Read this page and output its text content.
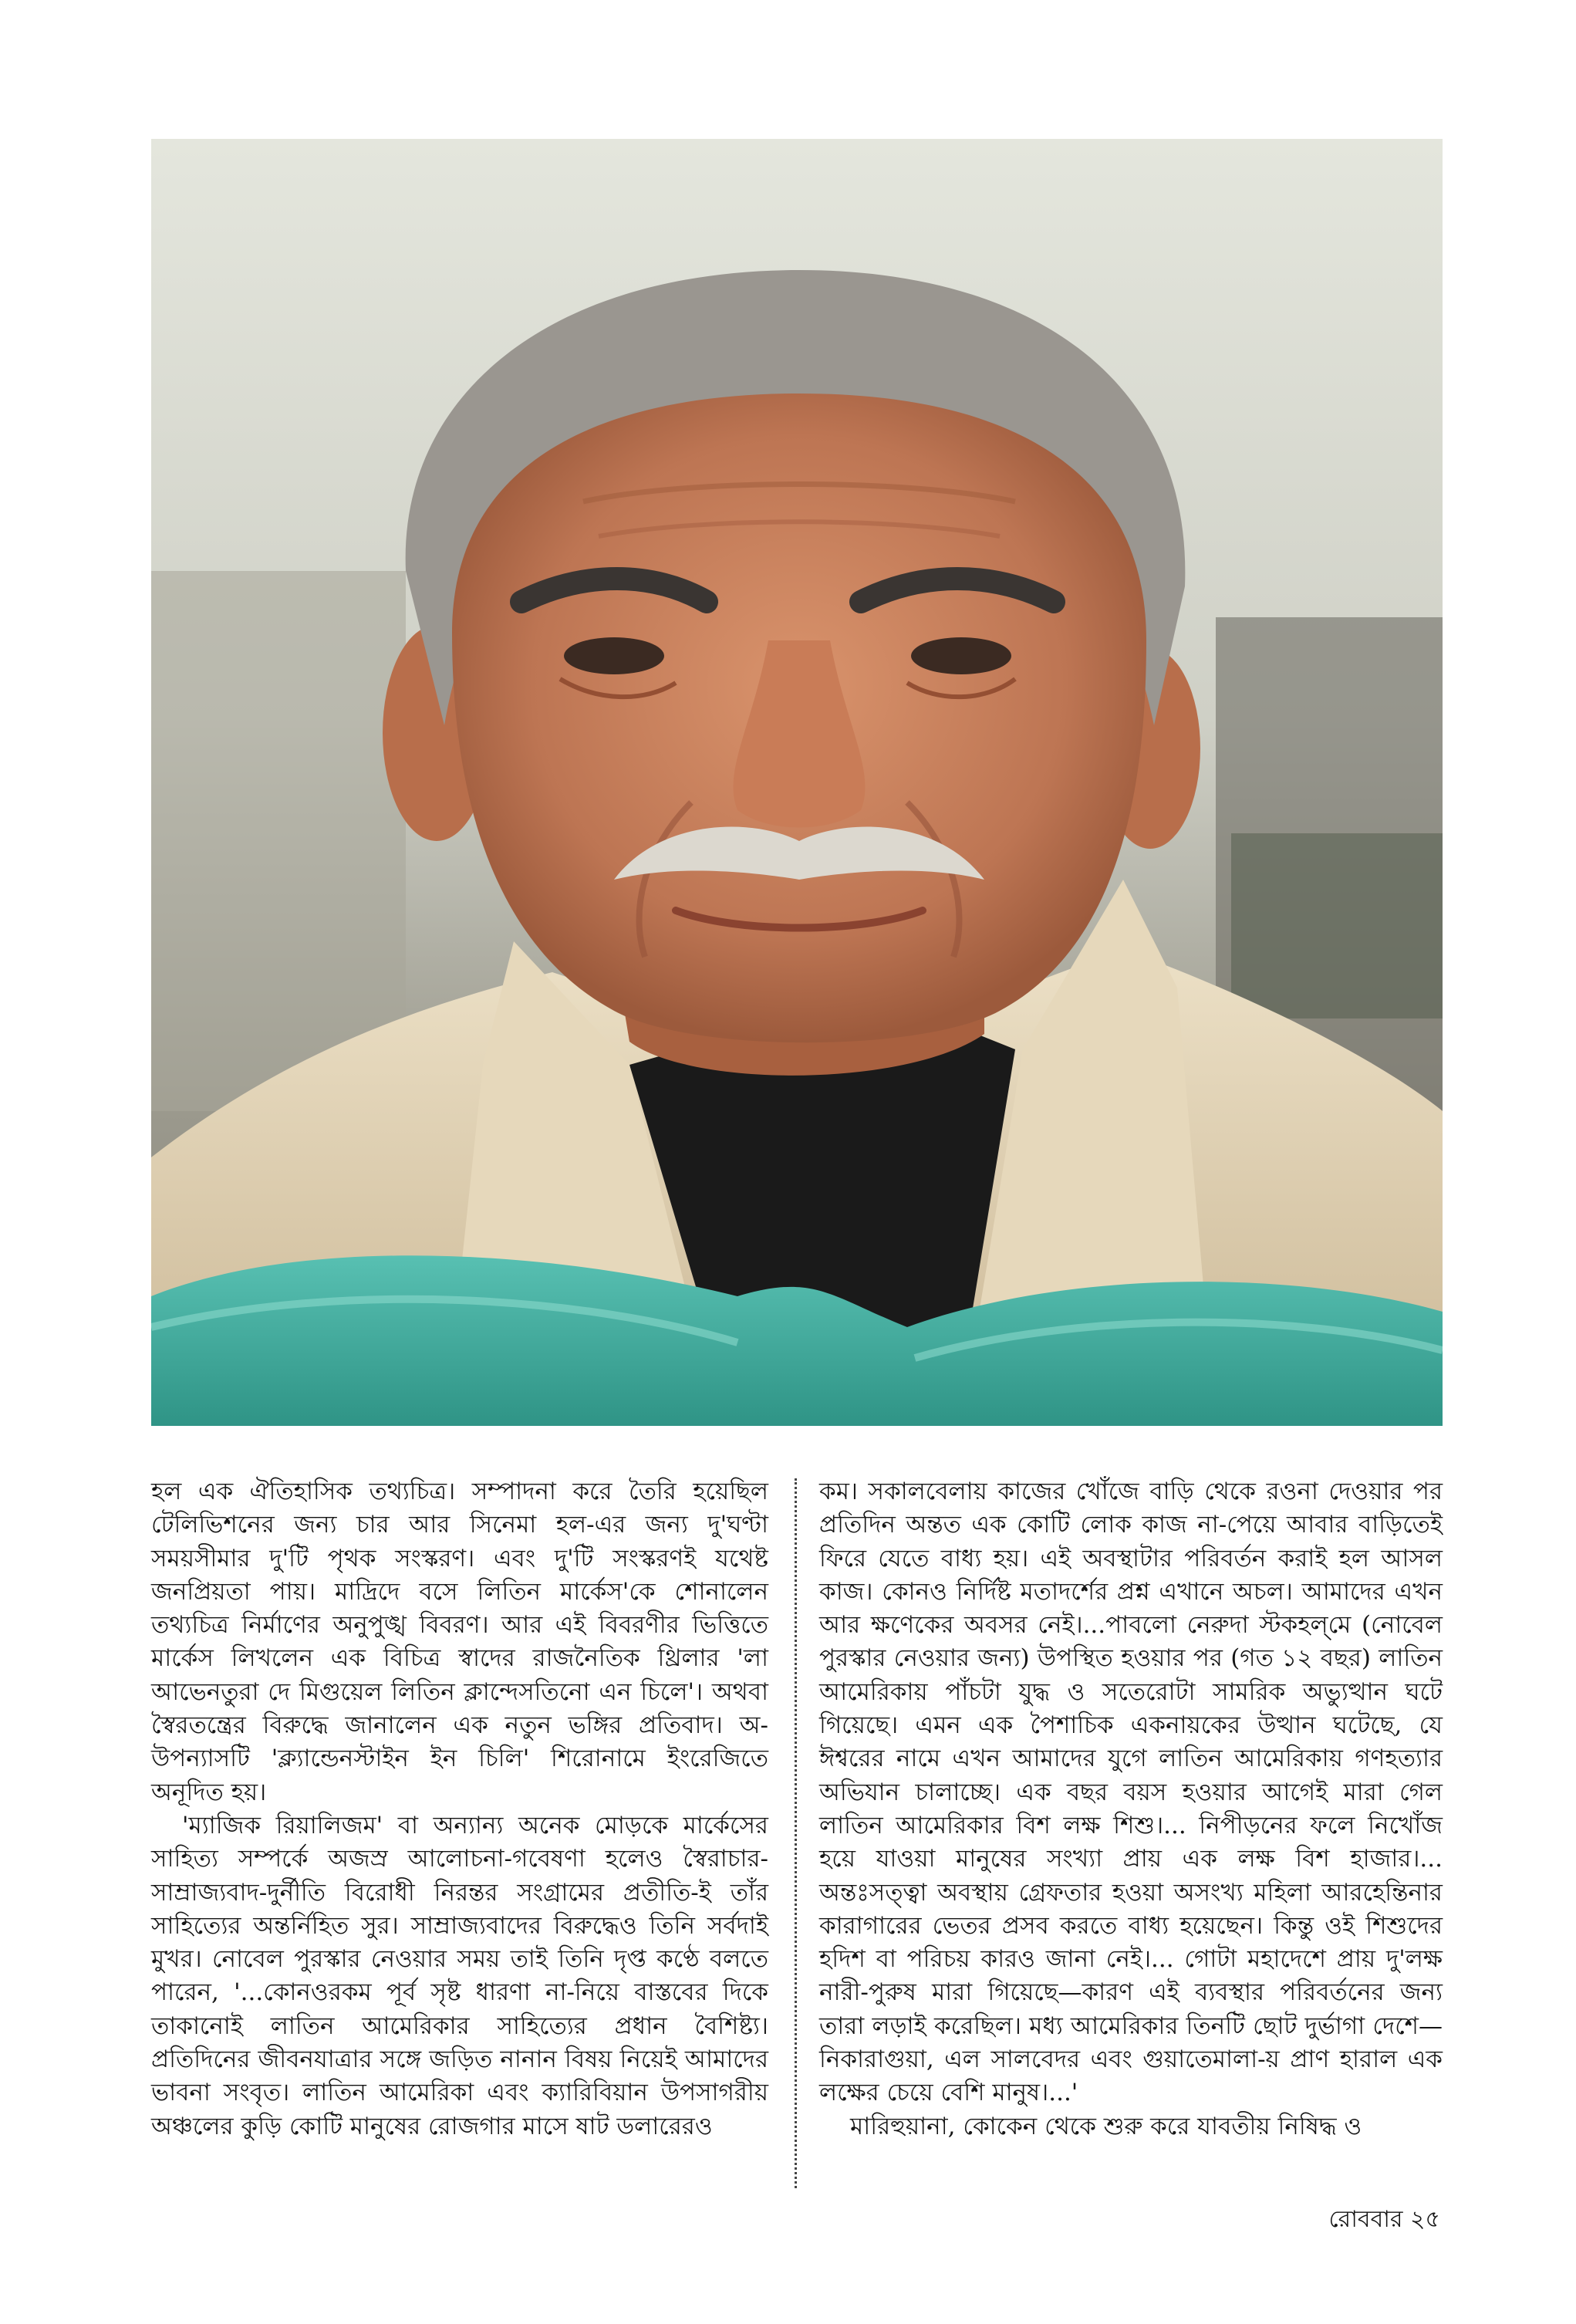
হল এক ঐতিহাসিক তথ্যচিত্র। সম্পাদনা করে তৈরি হয়েছিল টেলিভিশনের জন্য চার আর সিনেমা হল-এর জন্য দু'ঘণ্টা সময়সীমার দু'টি পৃথক সংস্করণ। এবং দু'টি সংস্করণই যথেষ্ট জনপ্রিয়তা পায়। মাদ্রিদে বসে লিতিন মার্কেস'কে শোনালেন তথ্যচিত্র নির্মাণের অনুপুঙ্খ বিবরণ। আর এই বিবরণীর ভিত্তিতে মার্কেস লিখলেন এক বিচিত্র স্বাদের রাজনৈতিক থ্রিলার 'লা আভেনতুরা দে মিগুয়েল লিতিন ক্লান্দেসতিনো এন চিলে'। অথবা স্বৈরতন্ত্রের বিরুদ্ধে জানালেন এক নতুন ভঙ্গির প্রতিবাদ। অ-উপন্যাসটি 'ক্ল্যান্ডেনস্টাইন ইন চিলি' শিরোনামে ইংরেজিতে অনূদিত হয়।

'ম্যাজিক রিয়ালিজম' বা অন্যান্য অনেক মোড়কে মার্কেসের সাহিত্য সম্পর্কে অজস্র আলোচনা-গবেষণা হলেও স্বৈরাচার-সাম্রাজ্যবাদ-দুর্নীতি বিরোধী নিরন্তর সংগ্রামের প্রতীতি-ই তাঁর সাহিত্যের অন্তর্নিহিত সুর। সাম্রাজ্যবাদের বিরুদ্ধেও তিনি সর্বদাই মুখর। নোবেল পুরস্কার নেওয়ার সময় তাই তিনি দৃপ্ত কণ্ঠে বলতে পারেন, '...কোনওরকম পূর্ব সৃষ্ট ধারণা না-নিয়ে বাস্তবের দিকে তাকানোই লাতিন আমেরিকার সাহিত্যের প্রধান বৈশিষ্ট্য। প্রতিদিনের জীবনযাত্রার সঙ্গে জড়িত নানান বিষয় নিয়েই আমাদের ভাবনা সংবৃত। লাতিন আমেরিকা এবং ক্যারিবিয়ান উপসাগরীয় অঞ্চলের কুড়ি কোটি মানুষের রোজগার মাসে ষাট ডলারেরও

কম। সকালবেলায় কাজের খোঁজে বাড়ি থেকে রওনা দেওয়ার পর প্রতিদিন অন্তত এক কোটি লোক কাজ না-পেয়ে আবার বাড়িতেই ফিরে যেতে বাধ্য হয়। এই অবস্থাটার পরিবর্তন করাই হল আসল কাজ। কোনও নির্দিষ্ট মতাদর্শের প্রশ্ন এখানে অচল। আমাদের এখন আর ক্ষণেকের অবসর নেই।...পাবলো নেরুদা স্টকহল্‌মে (নোবেল পুরস্কার নেওয়ার জন্য) উপস্থিত হওয়ার পর (গত ১২ বছর) লাতিন আমেরিকায় পাঁচটা যুদ্ধ ও সতেরোটা সামরিক অভ্যুত্থান ঘটে গিয়েছে। এমন এক পৈশাচিক একনায়কের উত্থান ঘটেছে, যে ঈশ্বরের নামে এখন আমাদের যুগে লাতিন আমেরিকায় গণহত্যার অভিযান চালাচ্ছে। এক বছর বয়স হওয়ার আগেই মারা গেল লাতিন আমেরিকার বিশ লক্ষ শিশু।... নিপীড়নের ফলে নিখোঁজ হয়ে যাওয়া মানুষের সংখ্যা প্রায় এক লক্ষ বিশ হাজার।... অন্তঃসত্ত্বা অবস্থায় গ্রেফতার হওয়া অসংখ্য মহিলা আরহেন্তিনার কারাগারের ভেতর প্রসব করতে বাধ্য হয়েছেন। কিন্তু ওই শিশুদের হদিশ বা পরিচয় কারও জানা নেই।... গোটা মহাদেশে প্রায় দু'লক্ষ নারী-পুরুষ মারা গিয়েছে—কারণ এই ব্যবস্থার পরিবর্তনের জন্য তারা লড়াই করেছিল। মধ্য আমেরিকার তিনটি ছোট দুর্ভাগা দেশে—নিকারাগুয়া, এল সালবেদর এবং গুয়াতেমালা-য় প্রাণ হারাল এক লক্ষের চেয়ে বেশি মানুষ।...'

মারিহুয়ানা, কোকেন থেকে শুরু করে যাবতীয় নিষিদ্ধ ও

রোববার ২৫
